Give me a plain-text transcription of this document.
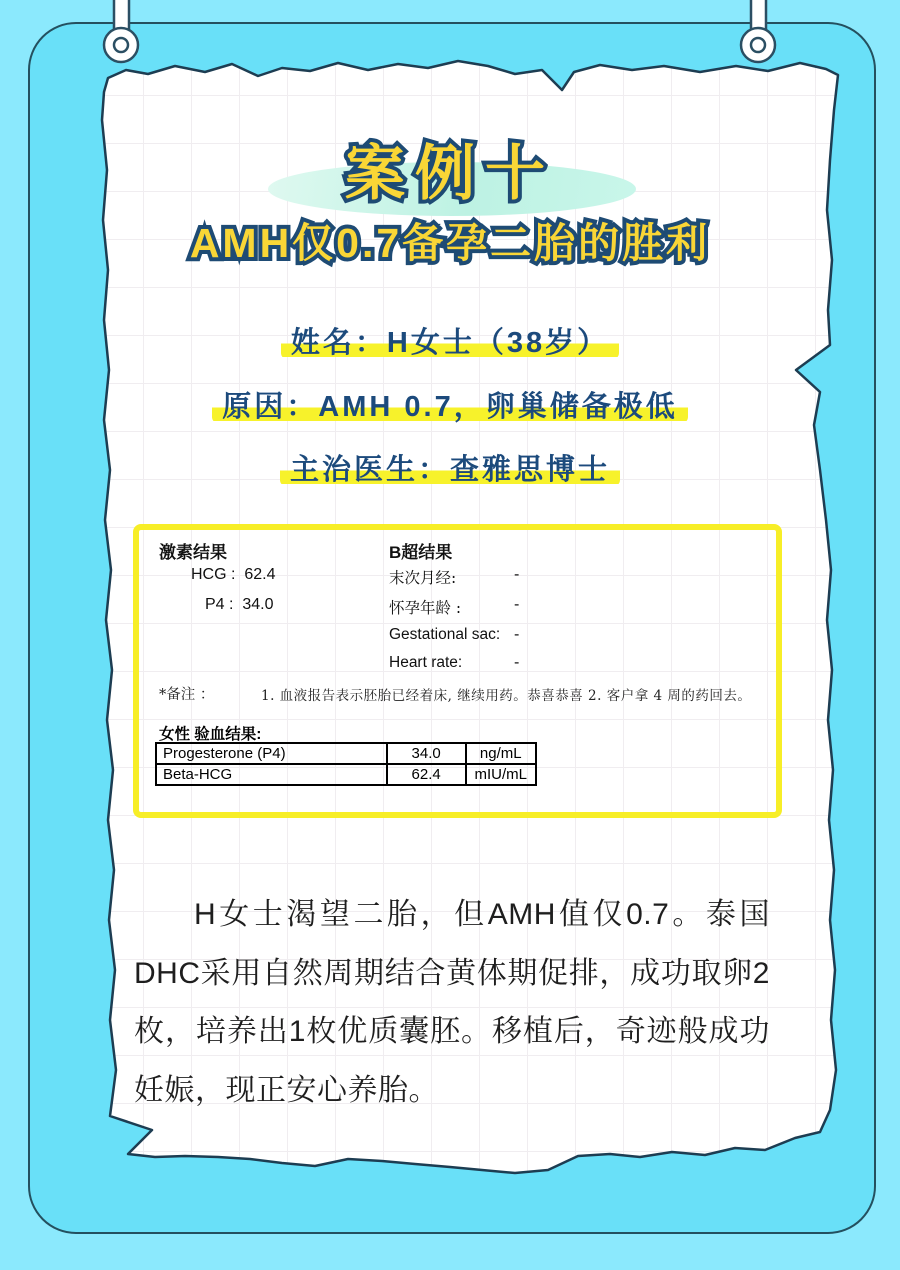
案例十
AMH仅0.7备孕二胎的胜利

姓名：H女士（38岁）

原因：AMH 0.7，卵巢储备极低

主治医生：查雅思博士

激素结果

HCG : 62.4

P4 : 34.0

B超结果

末次月经:	-

怀孕年龄 :	-

Gestational sac: -

Heart rate:	-

*备注 ：	1. 血液报告表示胚胎已经着床, 继续用药。恭喜恭喜 2. 客户拿 4 周的药回去。

女性 验血结果:

Progesterone (P4)	34.0	ng/mL
Beta-HCG	62.4	mIU/mL

H女士渴望二胎，但AMH值仅0.7。泰国DHC采用自然周期结合黄体期促排，成功取卵2枚，培养出1枚优质囊胚。移植后，奇迹般成功妊娠，现正安心养胎。
